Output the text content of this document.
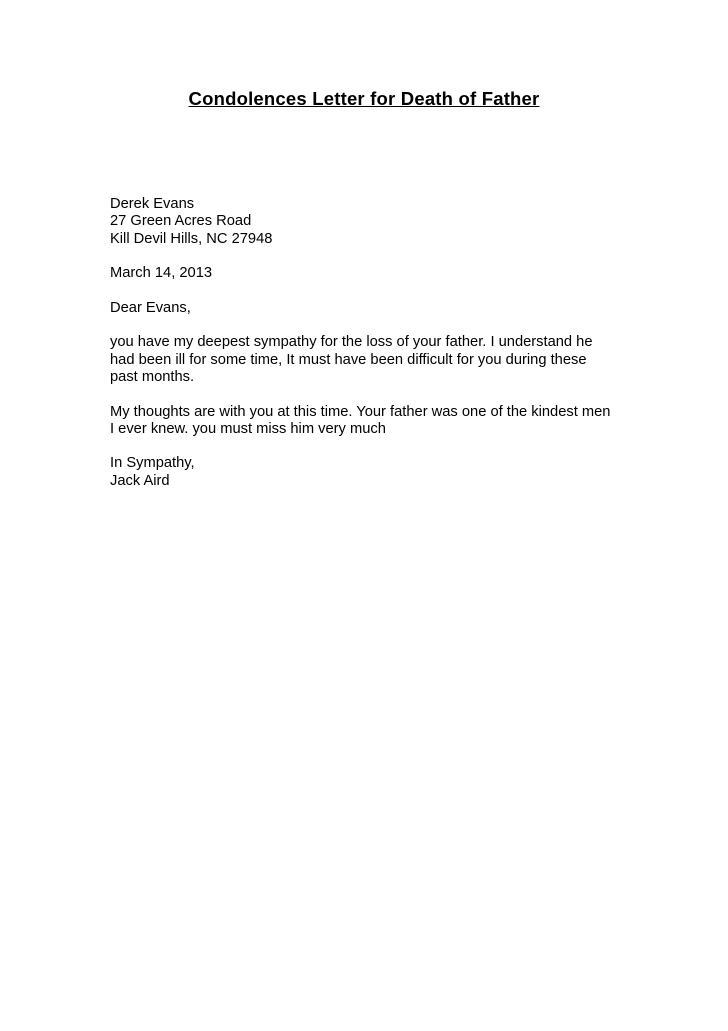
Condolences Letter for Death of Father
Derek Evans
27 Green Acres Road
Kill Devil Hills, NC 27948
March 14, 2013
Dear Evans,
you have my deepest sympathy for the loss of your father. I understand he
had been ill for some time, It must have been difficult for you during these
past months.
My thoughts are with you at this time. Your father was one of the kindest men
I ever knew. you must miss him very much
In Sympathy,
Jack Aird
